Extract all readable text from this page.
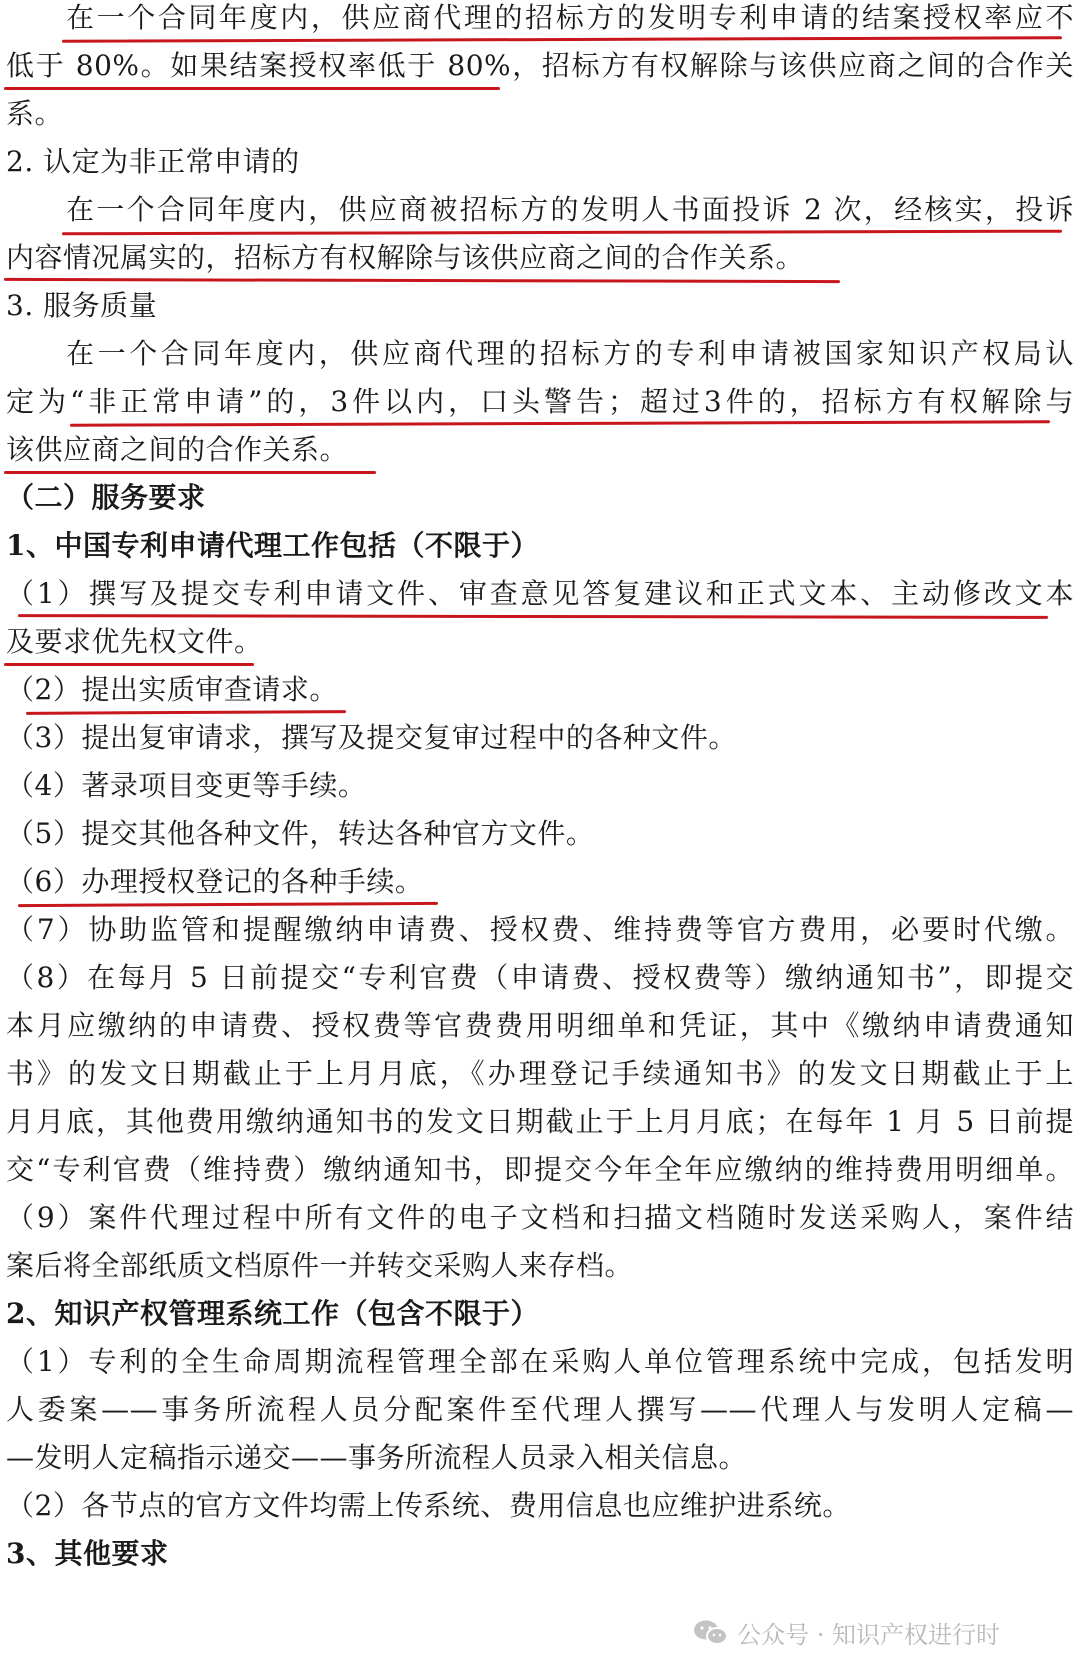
在一个合同年度内，供应商代理的招标方的发明专利申请的结案授权率应不
低于 80%。如果结案授权率低于 80%，招标方有权解除与该供应商之间的合作关
系。
2. 认定为非正常申请的
在一个合同年度内，供应商被招标方的发明人书面投诉 2 次，经核实，投诉
内容情况属实的，招标方有权解除与该供应商之间的合作关系。
3. 服务质量
在一个合同年度内，供应商代理的招标方的专利申请被国家知识产权局认
定为“非正常申请”的，3件以内，口头警告；超过3件的，招标方有权解除与
该供应商之间的合作关系。
（二）服务要求
1、中国专利申请代理工作包括（不限于）
（1）撰写及提交专利申请文件、审查意见答复建议和正式文本、主动修改文本
及要求优先权文件。
（2）提出实质审查请求。
（3）提出复审请求，撰写及提交复审过程中的各种文件。
（4）著录项目变更等手续。
（5）提交其他各种文件，转达各种官方文件。
（6）办理授权登记的各种手续。
（7）协助监管和提醒缴纳申请费、授权费、维持费等官方费用，必要时代缴。
（8）在每月 5 日前提交“专利官费（申请费、授权费等）缴纳通知书”，即提交
本月应缴纳的申请费、授权费等官费费用明细单和凭证，其中《缴纳申请费通知
书》的发文日期截止于上月月底，《办理登记手续通知书》的发文日期截止于上
月月底，其他费用缴纳通知书的发文日期截止于上月月底；在每年 1 月 5 日前提
交“专利官费（维持费）缴纳通知书，即提交今年全年应缴纳的维持费用明细单。
（9）案件代理过程中所有文件的电子文档和扫描文档随时发送采购人，案件结
案后将全部纸质文档原件一并转交采购人来存档。
2、知识产权管理系统工作（包含不限于）
（1）专利的全生命周期流程管理全部在采购人单位管理系统中完成，包括发明
人委案——事务所流程人员分配案件至代理人撰写——代理人与发明人定稿—
—发明人定稿指示递交——事务所流程人员录入相关信息。
（2）各节点的官方文件均需上传系统、费用信息也应维护进系统。
3、其他要求
公众号 · 知识产权进行时
